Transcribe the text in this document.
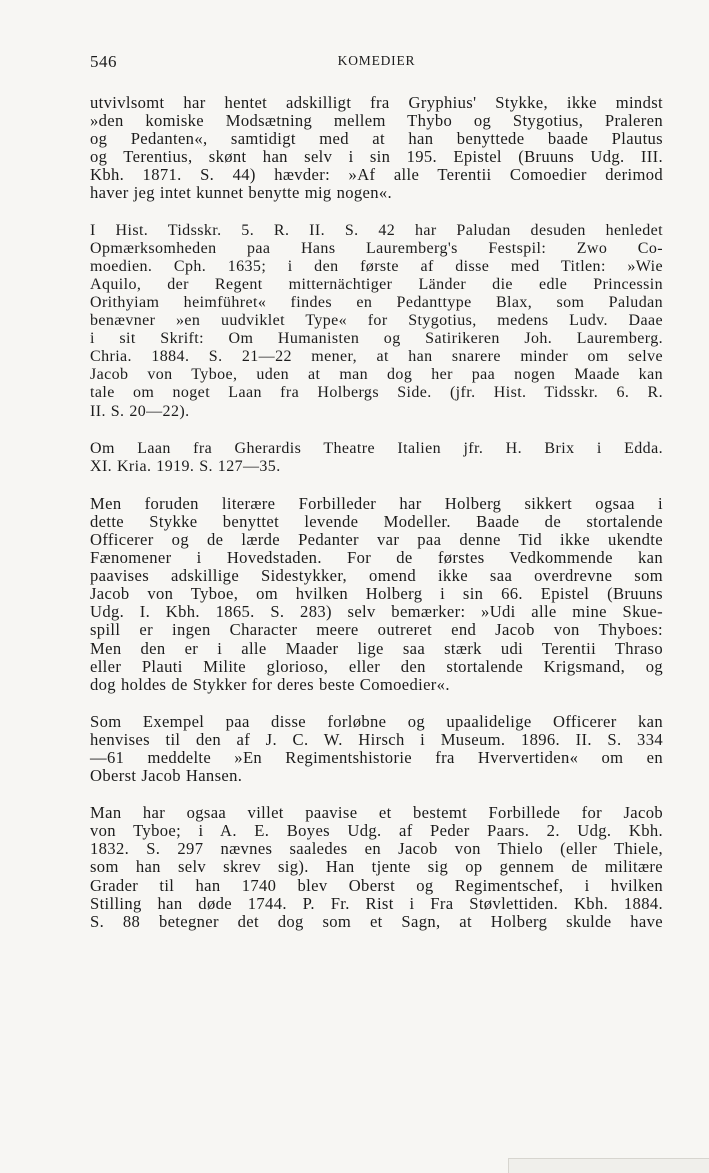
546	KOMEDIER

utvivlsomt har hentet adskilligt fra Gryphius' Stykke, ikke mindst
»den komiske Modsætning mellem Thybo og Stygotius, Praleren
og Pedanten«, samtidigt med at han benyttede baade Plautus
og Terentius, skønt han selv i sin 195. Epistel (Bruuns Udg. III.
Kbh. 1871. S. 44) hævder: »Af alle Terentii Comoedier derimod
haver jeg intet kunnet benytte mig nogen«.

I Hist. Tidsskr. 5. R. II. S. 42 har Paludan desuden henledet
Opmærksomheden paa Hans Lauremberg's Festspil: Zwo Co-
moedien. Cph. 1635; i den første af disse med Titlen: »Wie
Aquilo, der Regent mitternächtiger Länder die edle Princessin
Orithyiam heimführet« findes en Pedanttype Blax, som Paludan
benævner »en uudviklet Type« for Stygotius, medens Ludv. Daae
i sit Skrift: Om Humanisten og Satirikeren Joh. Lauremberg.
Chria. 1884. S. 21—22 mener, at han snarere minder om selve
Jacob von Tyboe, uden at man dog her paa nogen Maade kan
tale om noget Laan fra Holbergs Side. (jfr. Hist. Tidsskr. 6. R.
II. S. 20—22).

Om Laan fra Gherardis Theatre Italien jfr. H. Brix i Edda.
XI. Kria. 1919. S. 127—35.

Men foruden literære Forbilleder har Holberg sikkert ogsaa i
dette Stykke benyttet levende Modeller. Baade de stortalende
Officerer og de lærde Pedanter var paa denne Tid ikke ukendte
Fænomener i Hovedstaden. For de førstes Vedkommende kan
paavises adskillige Sidestykker, omend ikke saa overdrevne som
Jacob von Tyboe, om hvilken Holberg i sin 66. Epistel (Bruuns
Udg. I. Kbh. 1865. S. 283) selv bemærker: »Udi alle mine Skue-
spill er ingen Character meere outreret end Jacob von Thyboes:
Men den er i alle Maader lige saa stærk udi Terentii Thraso
eller Plauti Milite glorioso, eller den stortalende Krigsmand, og
dog holdes de Stykker for deres beste Comoedier«.

Som Exempel paa disse forløbne og upaalidelige Officerer kan
henvises til den af J. C. W. Hirsch i Museum. 1896. II. S. 334
—61 meddelte »En Regimentshistorie fra Hververtiden« om en
Oberst Jacob Hansen.

Man har ogsaa villet paavise et bestemt Forbillede for Jacob
von Tyboe; i A. E. Boyes Udg. af Peder Paars. 2. Udg. Kbh.
1832. S. 297 nævnes saaledes en Jacob von Thielo (eller Thiele,
som han selv skrev sig). Han tjente sig op gennem de militære
Grader til han 1740 blev Oberst og Regimentschef, i hvilken
Stilling han døde 1744. P. Fr. Rist i Fra Støvlettiden. Kbh. 1884.
S. 88 betegner det dog som et Sagn, at Holberg skulde have
